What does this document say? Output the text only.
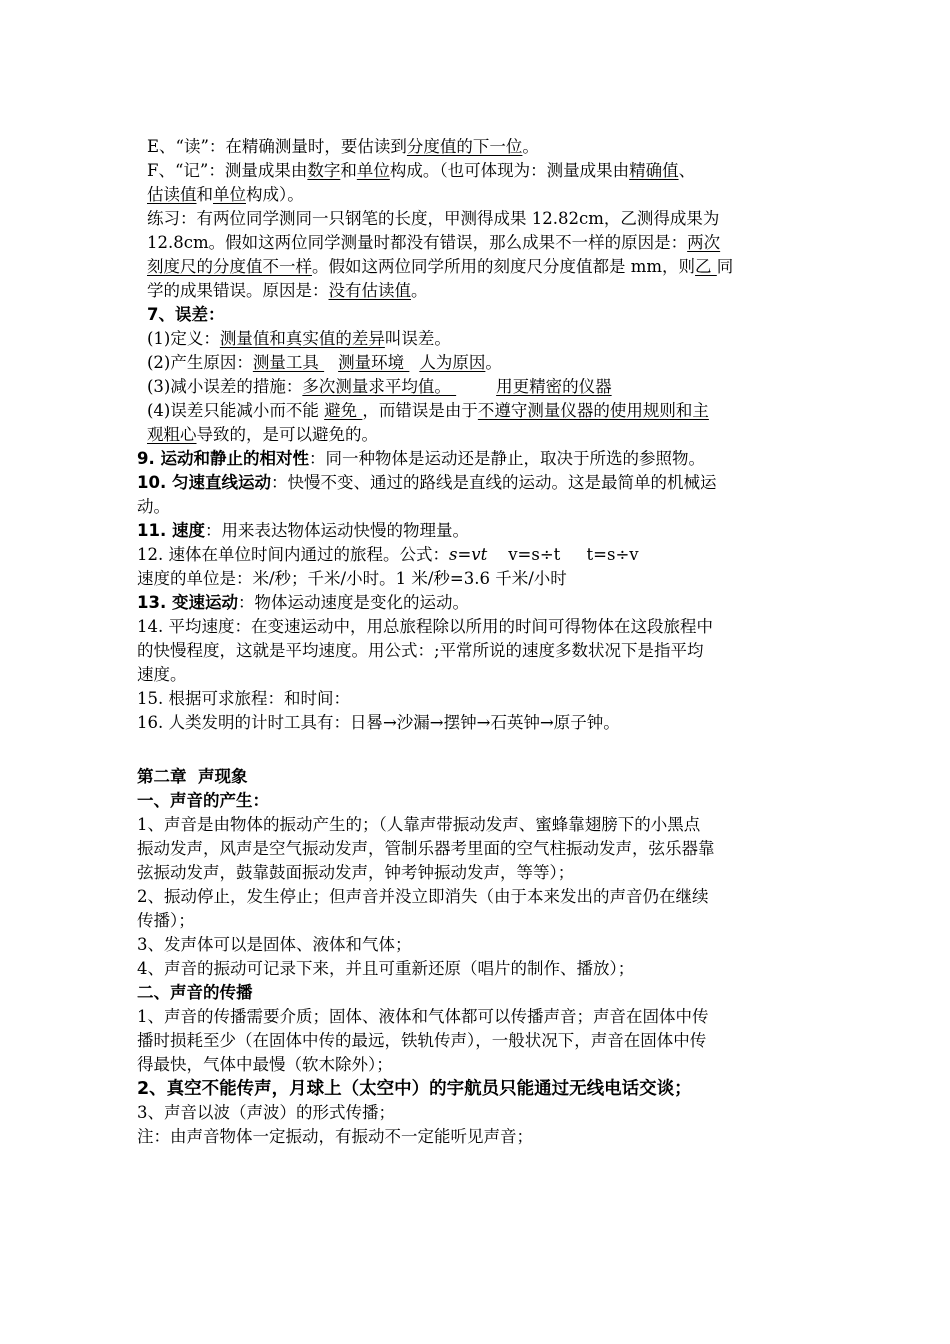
E、“读”：在精确测量时，要估读到分度值的下一位。
F、“记”：测量成果由数字和单位构成。（也可体现为：测量成果由精确值、
估读值和单位构成）。
练习：有两位同学测同一只钢笔的长度，甲测得成果 12.82cm，乙测得成果为
12.8cm。假如这两位同学测量时都没有错误，那么成果不一样的原因是：两次
刻度尺的分度值不一样。假如这两位同学所用的刻度尺分度值都是 mm，则乙 同
学的成果错误。原因是：没有估读值。
7、误差：
(1)定义：测量值和真实值的差异叫误差。
(2)产生原因：测量工具 测量环境 人为原因。
(3)减小误差的措施：多次测量求平均值。 用更精密的仪器
(4)误差只能减小而不能 避免 ，而错误是由于不遵守测量仪器的使用规则和主
观粗心导致的，是可以避免的。
9. 运动和静止的相对性：同一种物体是运动还是静止，取决于所选的参照物。
10. 匀速直线运动：快慢不变、通过的路线是直线的运动。这是最简单的机械运
动。
11. 速度：用来表达物体运动快慢的物理量。
12. 速体在单位时间内通过的旅程。公式：s=vt    v=s÷t     t=s÷v
速度的单位是：米/秒；千米/小时。1 米/秒=3.6 千米/小时
13. 变速运动：物体运动速度是变化的运动。
14. 平均速度：在变速运动中，用总旅程除以所用的时间可得物体在这段旅程中
的快慢程度，这就是平均速度。用公式：;平常所说的速度多数状况下是指平均
速度。
15. 根据可求旅程：和时间：
16. 人类发明的计时工具有：日晷→沙漏→摆钟→石英钟→原子钟。
第二章  声现象
一、声音的产生：
1、声音是由物体的振动产生的；（人靠声带振动发声、蜜蜂靠翅膀下的小黑点
振动发声，风声是空气振动发声，管制乐器考里面的空气柱振动发声，弦乐器靠
弦振动发声，鼓靠鼓面振动发声，钟考钟振动发声，等等）；
2、振动停止，发生停止；但声音并没立即消失（由于本来发出的声音仍在继续
传播）；
3、发声体可以是固体、液体和气体；
4、声音的振动可记录下来，并且可重新还原（唱片的制作、播放）；
二、声音的传播
1、声音的传播需要介质；固体、液体和气体都可以传播声音；声音在固体中传
播时损耗至少（在固体中传的最远，铁轨传声），一般状况下，声音在固体中传
得最快，气体中最慢（软木除外）；
2、真空不能传声，月球上（太空中）的宇航员只能通过无线电话交谈；
3、声音以波（声波）的形式传播；
注：由声音物体一定振动，有振动不一定能听见声音；
